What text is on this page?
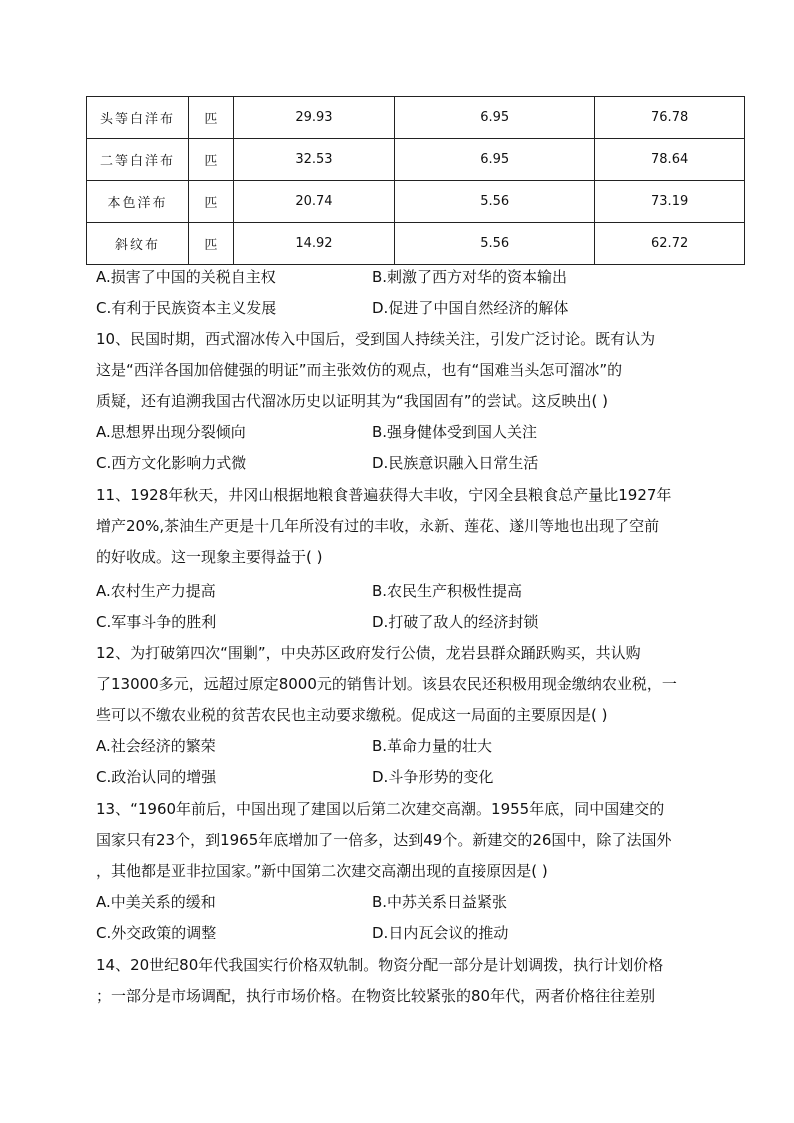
头等白洋布	匹	29.93	6.95	76.78
二等白洋布	匹	32.53	6.95	78.64
本色洋布	匹	20.74	5.56	73.19
斜纹布	匹	14.92	5.56	62.72
A.损害了中国的关税自主权	B.刺激了西方对华的资本输出
C.有利于民族资本主义发展	D.促进了中国自然经济的解体
10、民国时期，西式溜冰传入中国后，受到国人持续关注，引发广泛讨论。既有认为
这是“西洋各国加倍健强的明证”而主张效仿的观点，也有“国难当头怎可溜冰”的
质疑，还有追溯我国古代溜冰历史以证明其为“我国固有”的尝试。这反映出( )
A.思想界出现分裂倾向	B.强身健体受到国人关注
C.西方文化影响力式微	D.民族意识融入日常生活
11、1928年秋天，井冈山根据地粮食普遍获得大丰收，宁冈全县粮食总产量比1927年
增产20%,茶油生产更是十几年所没有过的丰收，永新、莲花、遂川等地也出现了空前
的好收成。这一现象主要得益于( )
A.农村生产力提高	B.农民生产积极性提高
C.军事斗争的胜利	D.打破了敌人的经济封锁
12、为打破第四次“围剿”，中央苏区政府发行公债，龙岩县群众踊跃购买，共认购
了13000多元，远超过原定8000元的销售计划。该县农民还积极用现金缴纳农业税，一
些可以不缴农业税的贫苦农民也主动要求缴税。促成这一局面的主要原因是( )
A.社会经济的繁荣	B.革命力量的壮大
C.政治认同的增强	D.斗争形势的变化
13、“1960年前后，中国出现了建国以后第二次建交高潮。1955年底，同中国建交的
国家只有23个，到1965年底增加了一倍多，达到49个。新建交的26国中，除了法国外
，其他都是亚非拉国家。”新中国第二次建交高潮出现的直接原因是( )
A.中美关系的缓和	B.中苏关系日益紧张
C.外交政策的调整	D.日内瓦会议的推动
14、20世纪80年代我国实行价格双轨制。物资分配一部分是计划调拨，执行计划价格
；一部分是市场调配，执行市场价格。在物资比较紧张的80年代，两者价格往往差别
